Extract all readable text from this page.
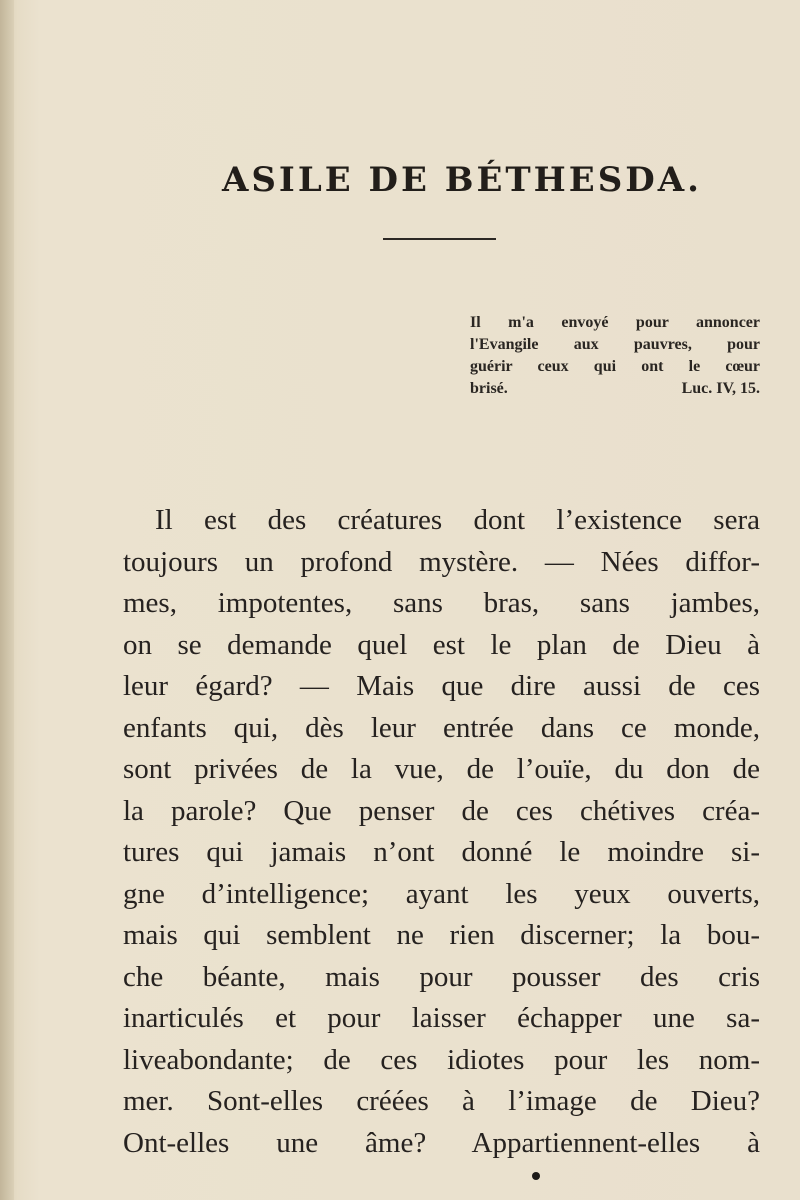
ASILE DE BÉTHESDA.
Il m'a envoyé pour annoncer
l'Evangile aux pauvres, pour
guérir ceux qui ont le cœur
brisé.	Luc. IV, 15.
Il est des créatures dont l’existence sera
toujours un profond mystère. — Nées diffor-
mes, impotentes, sans bras, sans jambes,
on se demande quel est le plan de Dieu à
leur égard? — Mais que dire aussi de ces
enfants qui, dès leur entrée dans ce monde,
sont privées de la vue, de l’ouïe, du don de
la parole? Que penser de ces chétives créa-
tures qui jamais n’ont donné le moindre si-
gne d’intelligence; ayant les yeux ouverts,
mais qui semblent ne rien discerner; la bou-
che béante, mais pour pousser des cris
inarticulés et pour laisser échapper une sa-
liveabondante; de ces idiotes pour les nom-
mer. Sont-elles créées à l’image de Dieu?
Ont-elles une âme? Appartiennent-elles à
